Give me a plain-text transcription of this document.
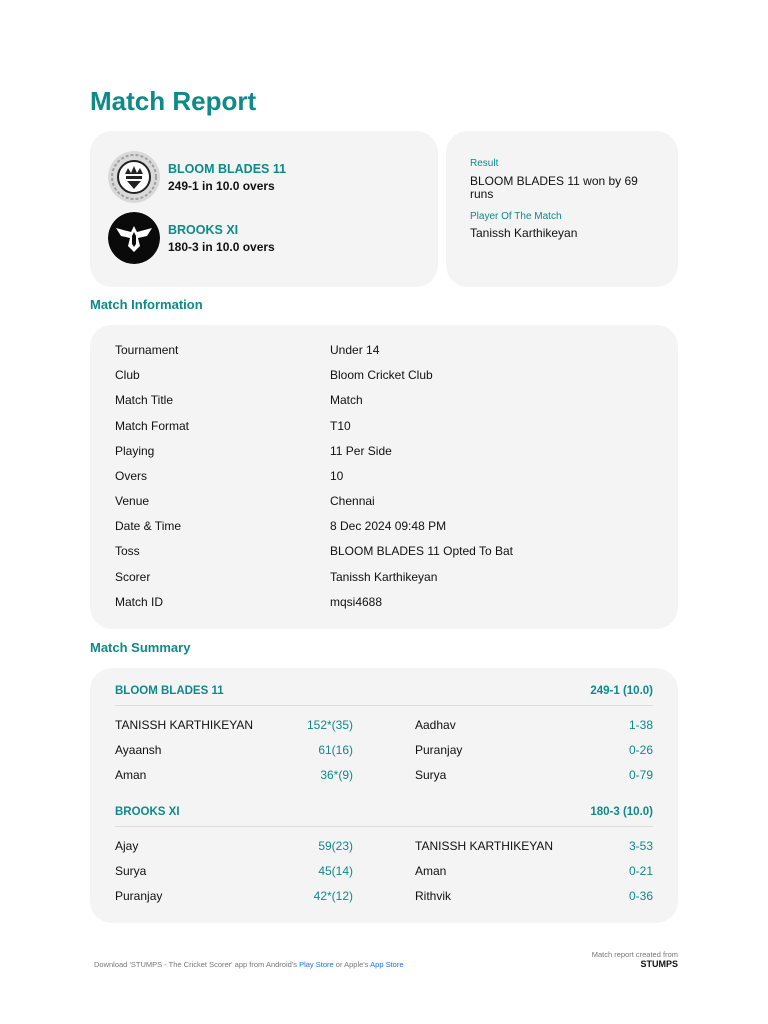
Match Report
BLOOM BLADES 11
249-1 in 10.0 overs
BROOKS XI
180-3 in 10.0 overs
Result
BLOOM BLADES 11 won by 69 runs
Player Of The Match
Tanissh Karthikeyan
Match Information
Tournament	Under 14
Club	Bloom Cricket Club
Match Title	Match
Match Format	T10
Playing	11 Per Side
Overs	10
Venue	Chennai
Date & Time	8 Dec 2024 09:48 PM
Toss	BLOOM BLADES 11 Opted To Bat
Scorer	Tanissh Karthikeyan
Match ID	mqsi4688
Match Summary
BLOOM BLADES 11	249-1 (10.0)
TANISSH KARTHIKEYAN	152*(35)	Aadhav	1-38
Ayaansh	61(16)	Puranjay	0-26
Aman	36*(9)	Surya	0-79
BROOKS XI	180-3 (10.0)
Ajay	59(23)	TANISSH KARTHIKEYAN	3-53
Surya	45(14)	Aman	0-21
Puranjay	42*(12)	Rithvik	0-36
Download 'STUMPS - The Cricket Scorer' app from Android's Play Store or Apple's App Store
Match report created from
STUMPS
